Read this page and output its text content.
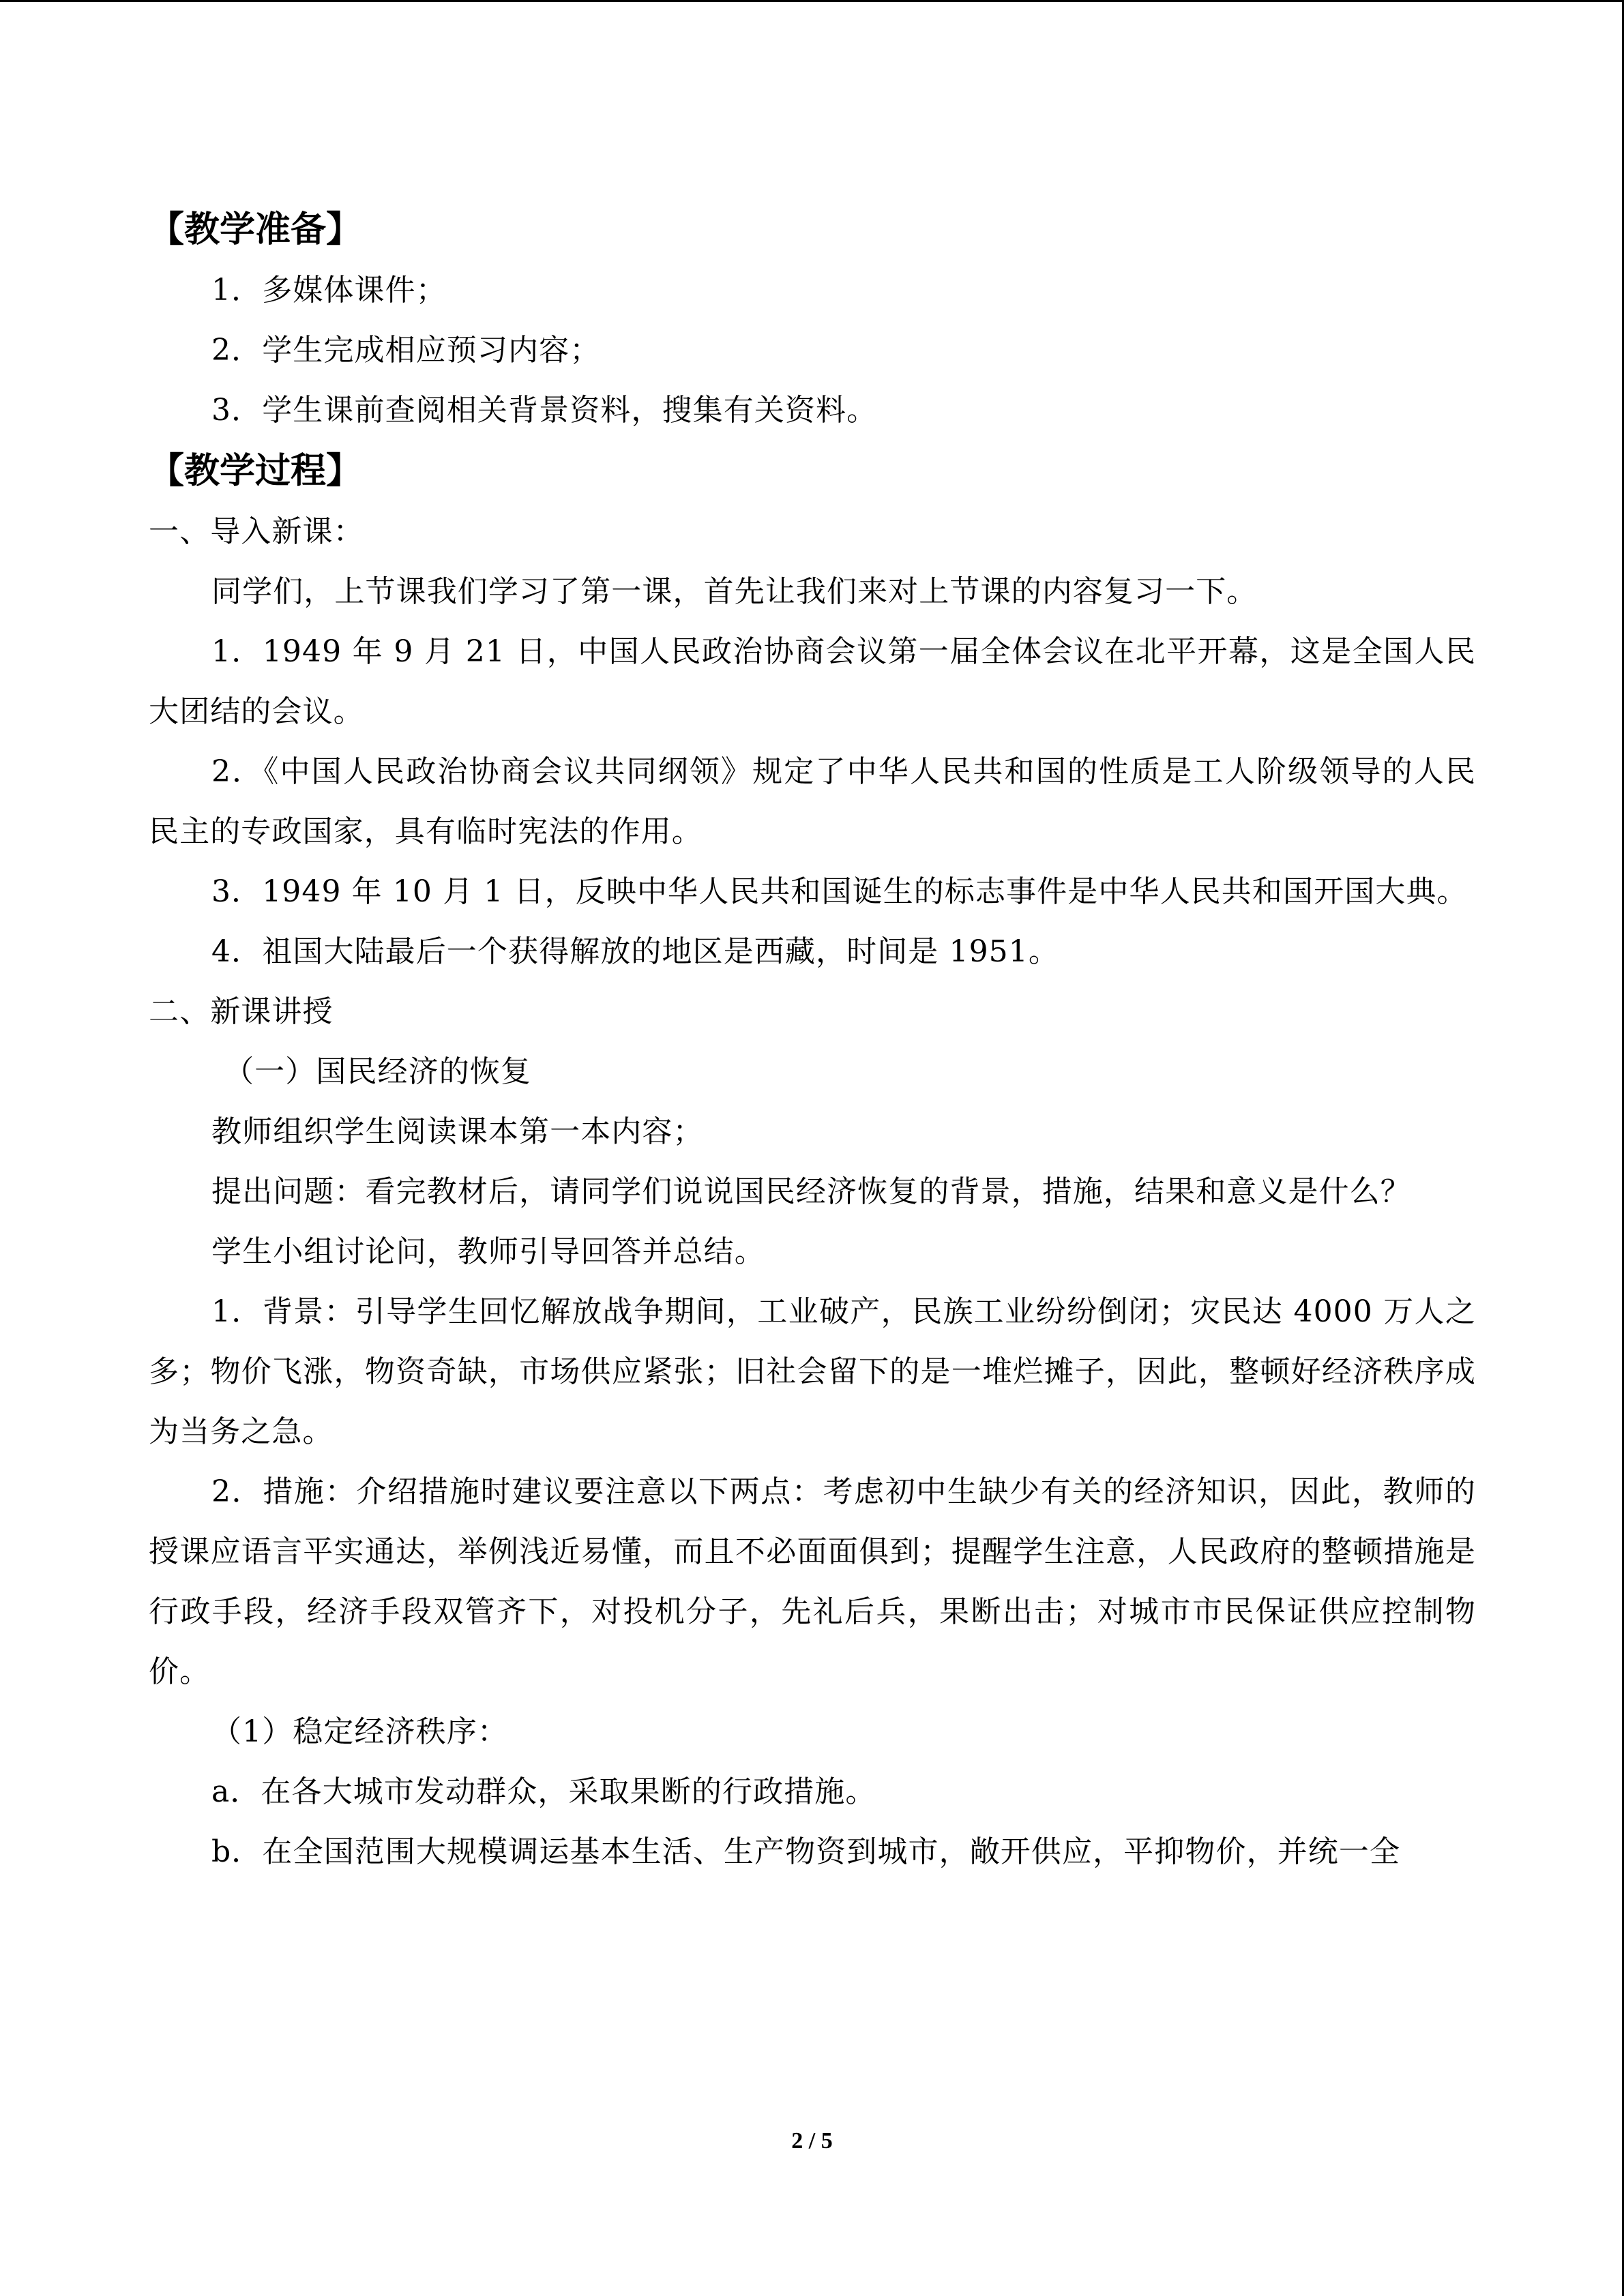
【教学准备】

1．多媒体课件；

2．学生完成相应预习内容；

3．学生课前查阅相关背景资料，搜集有关资料。

【教学过程】

一、导入新课：

同学们，上节课我们学习了第一课，首先让我们来对上节课的内容复习一下。

1．1949 年 9 月 21 日，中国人民政治协商会议第一届全体会议在北平开幕，这是全国人民大团结的会议。

2．《中国人民政治协商会议共同纲领》规定了中华人民共和国的性质是工人阶级领导的人民民主的专政国家，具有临时宪法的作用。

3．1949 年 10 月 1 日，反映中华人民共和国诞生的标志事件是中华人民共和国开国大典。

4．祖国大陆最后一个获得解放的地区是西藏，时间是 1951。

二、新课讲授

（一）国民经济的恢复

教师组织学生阅读课本第一本内容；

提出问题：看完教材后，请同学们说说国民经济恢复的背景，措施，结果和意义是什么？

学生小组讨论问，教师引导回答并总结。

1．背景：引导学生回忆解放战争期间，工业破产，民族工业纷纷倒闭；灾民达 4000 万人之多；物价飞涨，物资奇缺，市场供应紧张；旧社会留下的是一堆烂摊子，因此，整顿好经济秩序成为当务之急。

2．措施：介绍措施时建议要注意以下两点：考虑初中生缺少有关的经济知识，因此，教师的授课应语言平实通达，举例浅近易懂，而且不必面面俱到；提醒学生注意，人民政府的整顿措施是行政手段，经济手段双管齐下，对投机分子，先礼后兵，果断出击；对城市市民保证供应控制物价。

（1）稳定经济秩序：

a．在各大城市发动群众，采取果断的行政措施。

b．在全国范围大规模调运基本生活、生产物资到城市，敞开供应，平抑物价，并统一全

2 / 5
